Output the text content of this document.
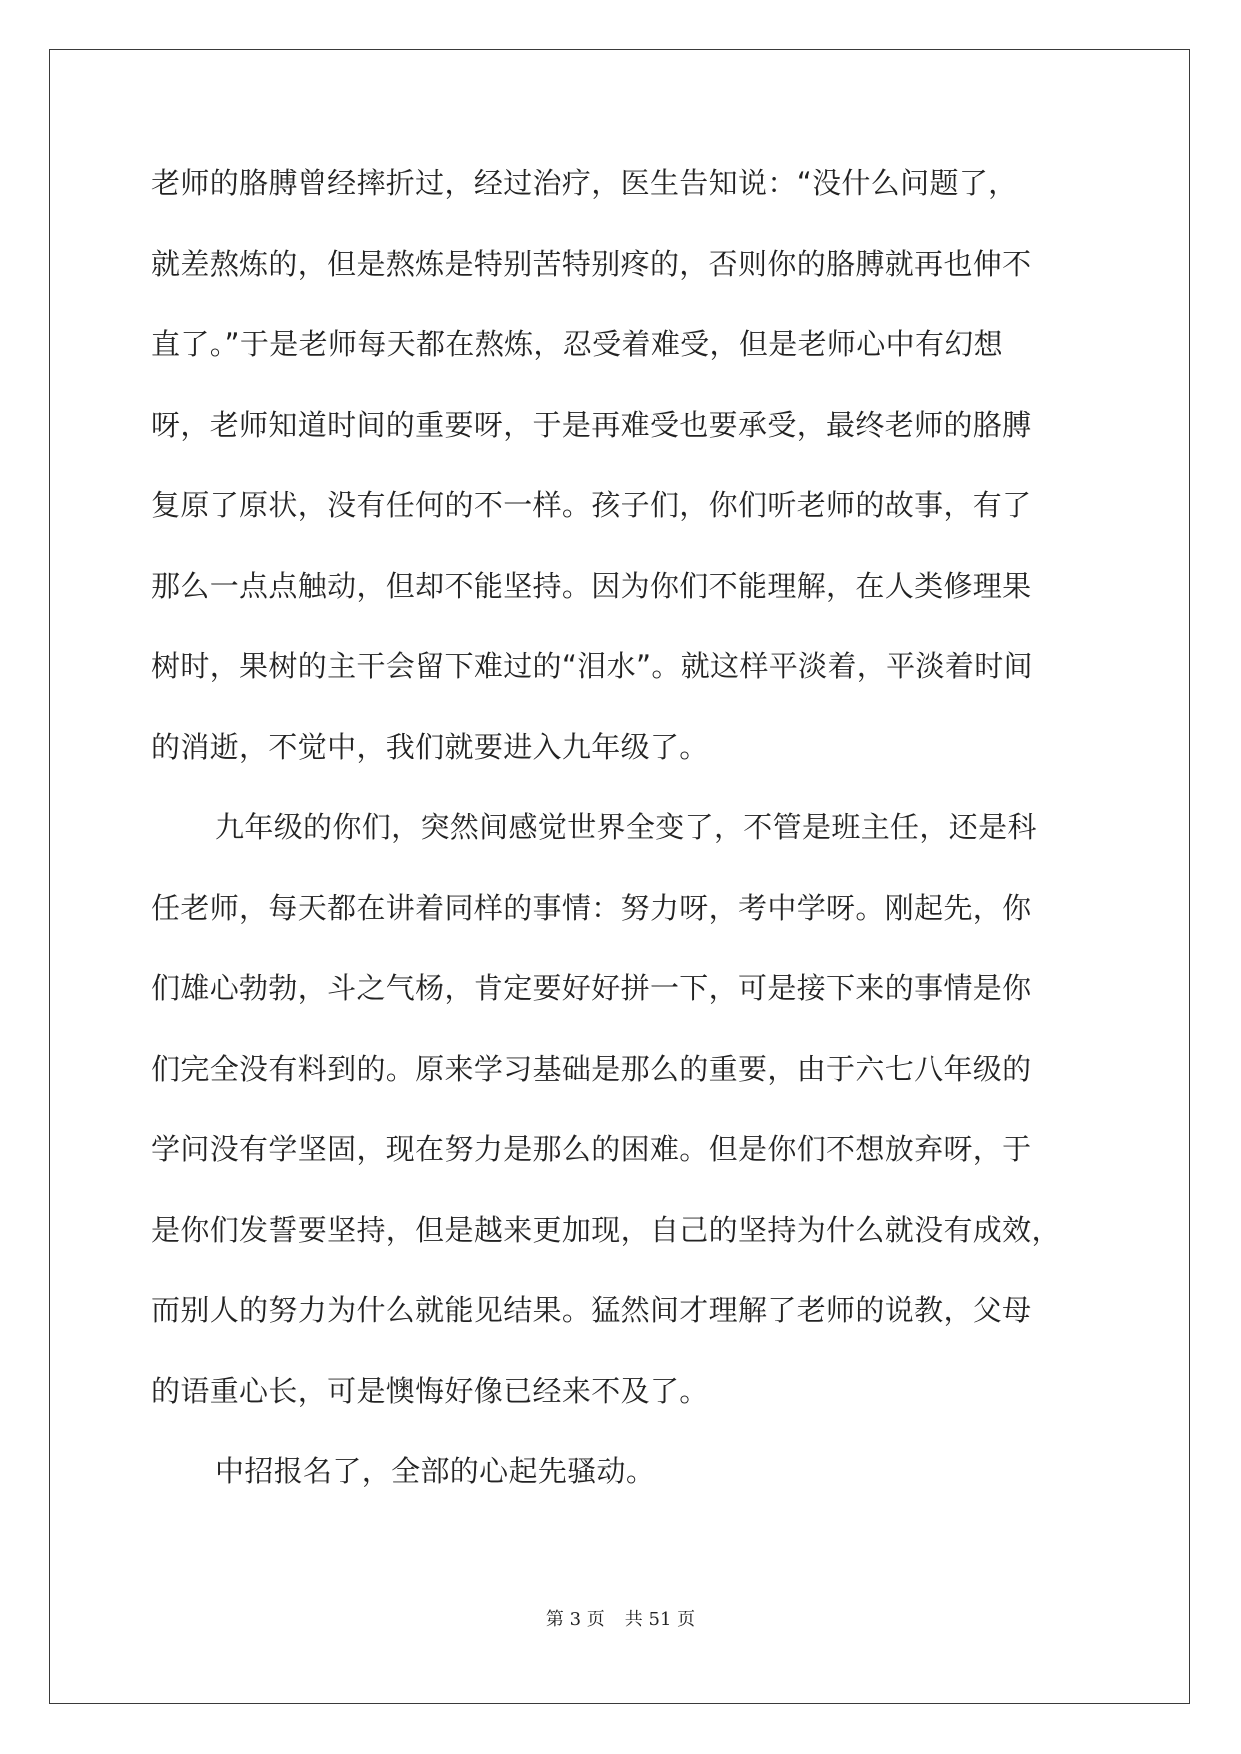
老师的胳膊曾经摔折过，经过治疗，医生告知说：“没什么问题了，
就差熬炼的，但是熬炼是特别苦特别疼的，否则你的胳膊就再也伸不
直了。”于是老师每天都在熬炼，忍受着难受，但是老师心中有幻想
呀，老师知道时间的重要呀，于是再难受也要承受，最终老师的胳膊
复原了原状，没有任何的不一样。孩子们，你们听老师的故事，有了
那么一点点触动，但却不能坚持。因为你们不能理解，在人类修理果
树时，果树的主干会留下难过的“泪水”。就这样平淡着，平淡着时间
的消逝，不觉中，我们就要进入九年级了。
九年级的你们，突然间感觉世界全变了，不管是班主任，还是科
任老师，每天都在讲着同样的事情：努力呀，考中学呀。刚起先，你
们雄心勃勃，斗之气杨，肯定要好好拼一下，可是接下来的事情是你
们完全没有料到的。原来学习基础是那么的重要，由于六七八年级的
学问没有学坚固，现在努力是那么的困难。但是你们不想放弃呀，于
是你们发誓要坚持，但是越来更加现，自己的坚持为什么就没有成效，
而别人的努力为什么就能见结果。猛然间才理解了老师的说教，父母
的语重心长，可是懊悔好像已经来不及了。
中招报名了，全部的心起先骚动。
第 3 页 共 51 页
